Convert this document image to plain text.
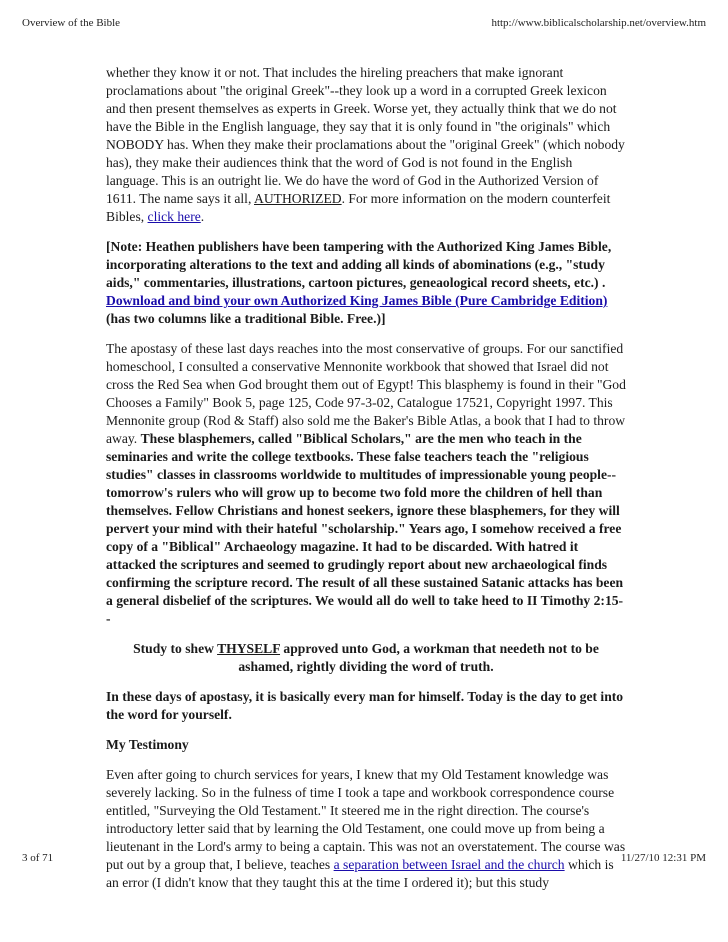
Overview of the Bible	http://www.biblicalscholarship.net/overview.htm

whether they know it or not. That includes the hireling preachers that make ignorant proclamations about "the original Greek"--they look up a word in a corrupted Greek lexicon and then present themselves as experts in Greek. Worse yet, they actually think that we do not have the Bible in the English language, they say that it is only found in "the originals" which NOBODY has. When they make their proclamations about the "original Greek" (which nobody has), they make their audiences think that the word of God is not found in the English language. This is an outright lie. We do have the word of God in the Authorized Version of 1611. The name says it all, AUTHORIZED. For more information on the modern counterfeit Bibles, click here.

[Note: Heathen publishers have been tampering with the Authorized King James Bible, incorporating alterations to the text and adding all kinds of abominations (e.g., "study aids," commentaries, illustrations, cartoon pictures, geneaological record sheets, etc.) . Download and bind your own Authorized King James Bible (Pure Cambridge Edition) (has two columns like a traditional Bible. Free.)]

The apostasy of these last days reaches into the most conservative of groups. For our sanctified homeschool, I consulted a conservative Mennonite workbook that showed that Israel did not cross the Red Sea when God brought them out of Egypt! This blasphemy is found in their "God Chooses a Family" Book 5, page 125, Code 97-3-02, Catalogue 17521, Copyright 1997. This Mennonite group (Rod & Staff) also sold me the Baker's Bible Atlas, a book that I had to throw away. These blasphemers, called "Biblical Scholars," are the men who teach in the seminaries and write the college textbooks. These false teachers teach the "religious studies" classes in classrooms worldwide to multitudes of impressionable young people--tomorrow's rulers who will grow up to become two fold more the children of hell than themselves. Fellow Christians and honest seekers, ignore these blasphemers, for they will pervert your mind with their hateful "scholarship." Years ago, I somehow received a free copy of a "Biblical" Archaeology magazine. It had to be discarded. With hatred it attacked the scriptures and seemed to grudingly report about new archaeological finds confirming the scripture record. The result of all these sustained Satanic attacks has been a general disbelief of the scriptures. We would all do well to take heed to II Timothy 2:15--

Study to shew THYSELF approved unto God, a workman that needeth not to be ashamed, rightly dividing the word of truth.

In these days of apostasy, it is basically every man for himself. Today is the day to get into the word for yourself.

My Testimony

Even after going to church services for years, I knew that my Old Testament knowledge was severely lacking. So in the fulness of time I took a tape and workbook correspondence course entitled, "Surveying the Old Testament." It steered me in the right direction. The course's introductory letter said that by learning the Old Testament, one could move up from being a lieutenant in the Lord's army to being a captain. This was not an overstatement. The course was put out by a group that, I believe, teaches a separation between Israel and the church which is an error (I didn't know that they taught this at the time I ordered it); but this study

3 of 71	11/27/10 12:31 PM
